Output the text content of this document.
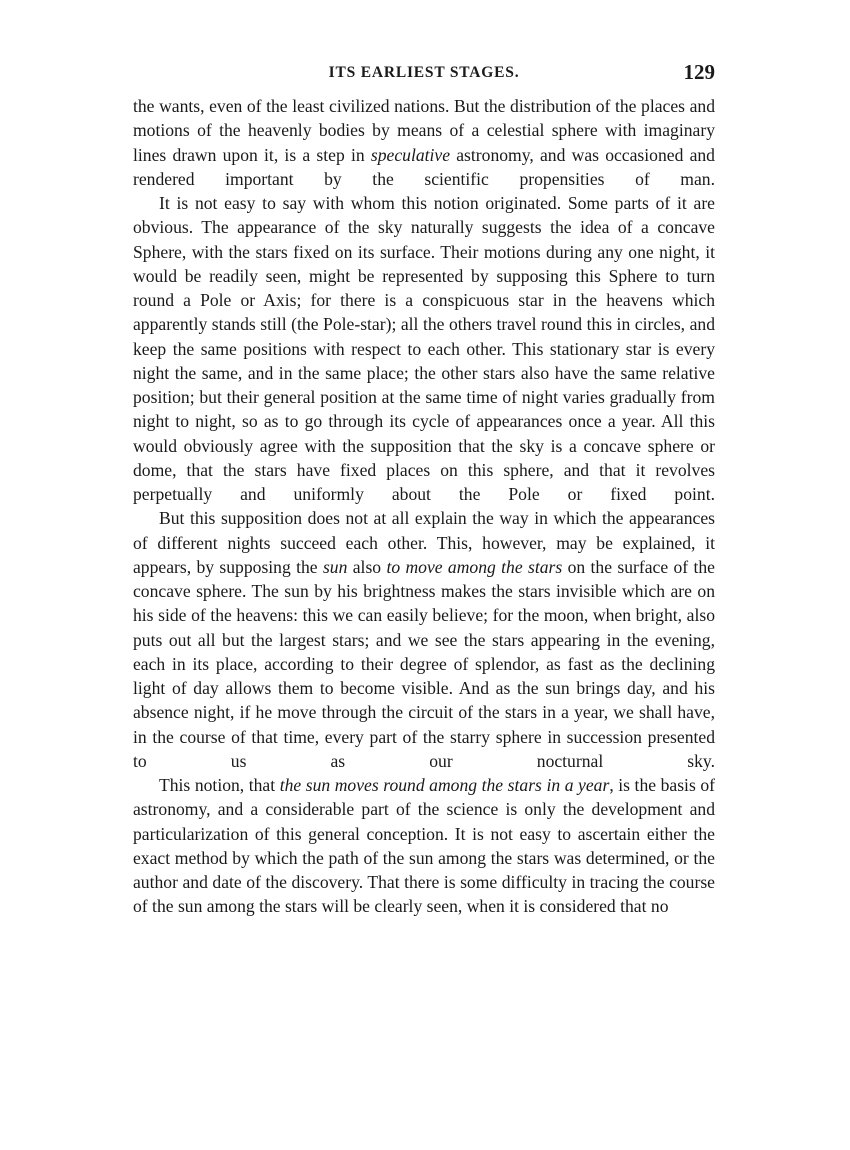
ITS EARLIEST STAGES.	129

the wants, even of the least civilized nations. But the distribution of the places and motions of the heavenly bodies by means of a celestial sphere with imaginary lines drawn upon it, is a step in speculative astronomy, and was occasioned and rendered important by the scientific propensities of man.

It is not easy to say with whom this notion originated. Some parts of it are obvious. The appearance of the sky naturally suggests the idea of a concave Sphere, with the stars fixed on its surface. Their motions during any one night, it would be readily seen, might be represented by supposing this Sphere to turn round a Pole or Axis; for there is a conspicuous star in the heavens which apparently stands still (the Pole-star); all the others travel round this in circles, and keep the same positions with respect to each other. This stationary star is every night the same, and in the same place; the other stars also have the same relative position; but their general position at the same time of night varies gradually from night to night, so as to go through its cycle of appearances once a year. All this would obviously agree with the supposition that the sky is a concave sphere or dome, that the stars have fixed places on this sphere, and that it revolves perpetually and uniformly about the Pole or fixed point.

But this supposition does not at all explain the way in which the appearances of different nights succeed each other. This, however, may be explained, it appears, by supposing the sun also to move among the stars on the surface of the concave sphere. The sun by his brightness makes the stars invisible which are on his side of the heavens: this we can easily believe; for the moon, when bright, also puts out all but the largest stars; and we see the stars appearing in the evening, each in its place, according to their degree of splendor, as fast as the declining light of day allows them to become visible. And as the sun brings day, and his absence night, if he move through the circuit of the stars in a year, we shall have, in the course of that time, every part of the starry sphere in succession presented to us as our nocturnal sky.

This notion, that the sun moves round among the stars in a year, is the basis of astronomy, and a considerable part of the science is only the development and particularization of this general conception. It is not easy to ascertain either the exact method by which the path of the sun among the stars was determined, or the author and date of the discovery. That there is some difficulty in tracing the course of the sun among the stars will be clearly seen, when it is considered that no
